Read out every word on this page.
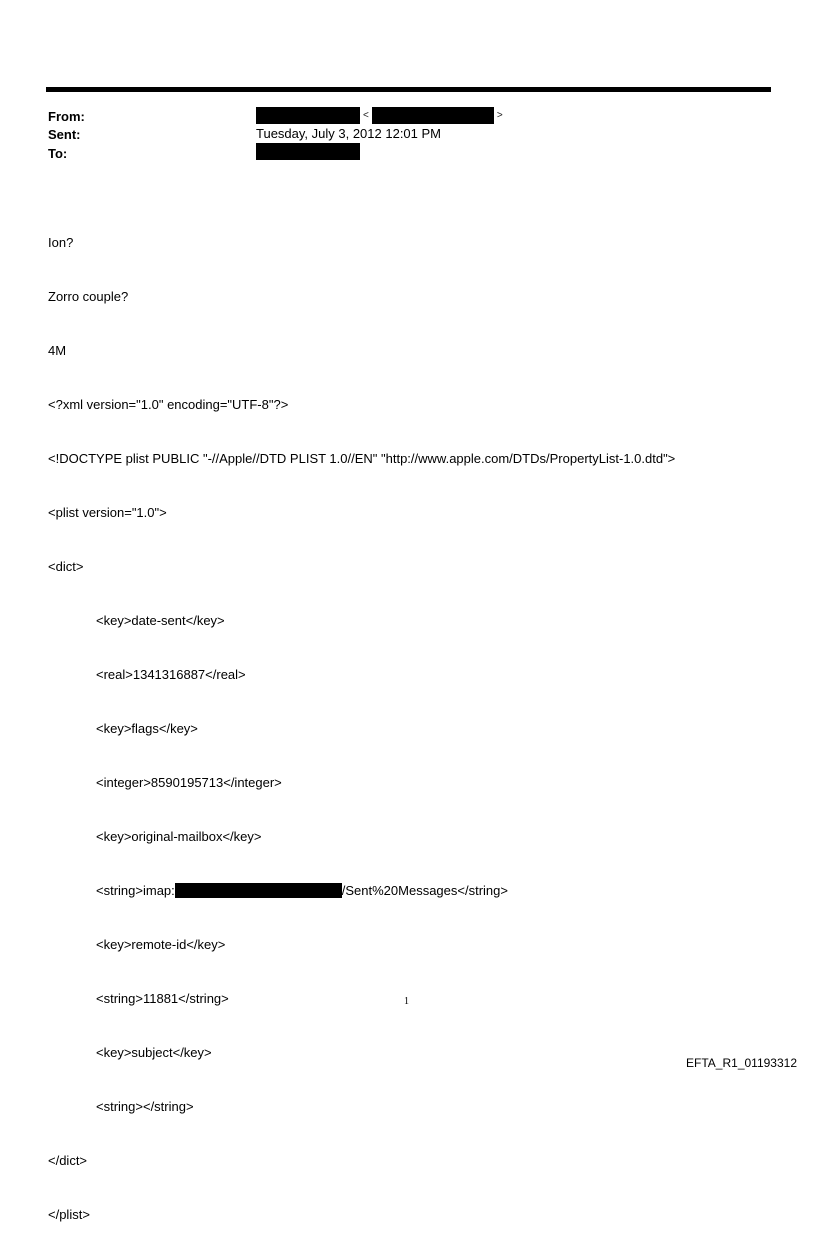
From:	<	>
Sent:	Tuesday, July 3, 2012 12:01 PM
To:

Ion?

Zorro couple?

4M

<?xml version="1.0" encoding="UTF-8"?>

<!DOCTYPE plist PUBLIC "-//Apple//DTD PLIST 1.0//EN" "http://www.apple.com/DTDs/PropertyList-1.0.dtd">

<plist version="1.0">

<dict>

<key>date-sent</key>

<real>1341316887</real>

<key>flags</key>

<integer>8590195713</integer>

<key>original-mailbox</key>

<string>imap:	/Sent%20Messages</string>

<key>remote-id</key>

<string>11881</string>

<key>subject</key>

<string></string>

</dict>

</plist>

1
EFTA_R1_01193312
